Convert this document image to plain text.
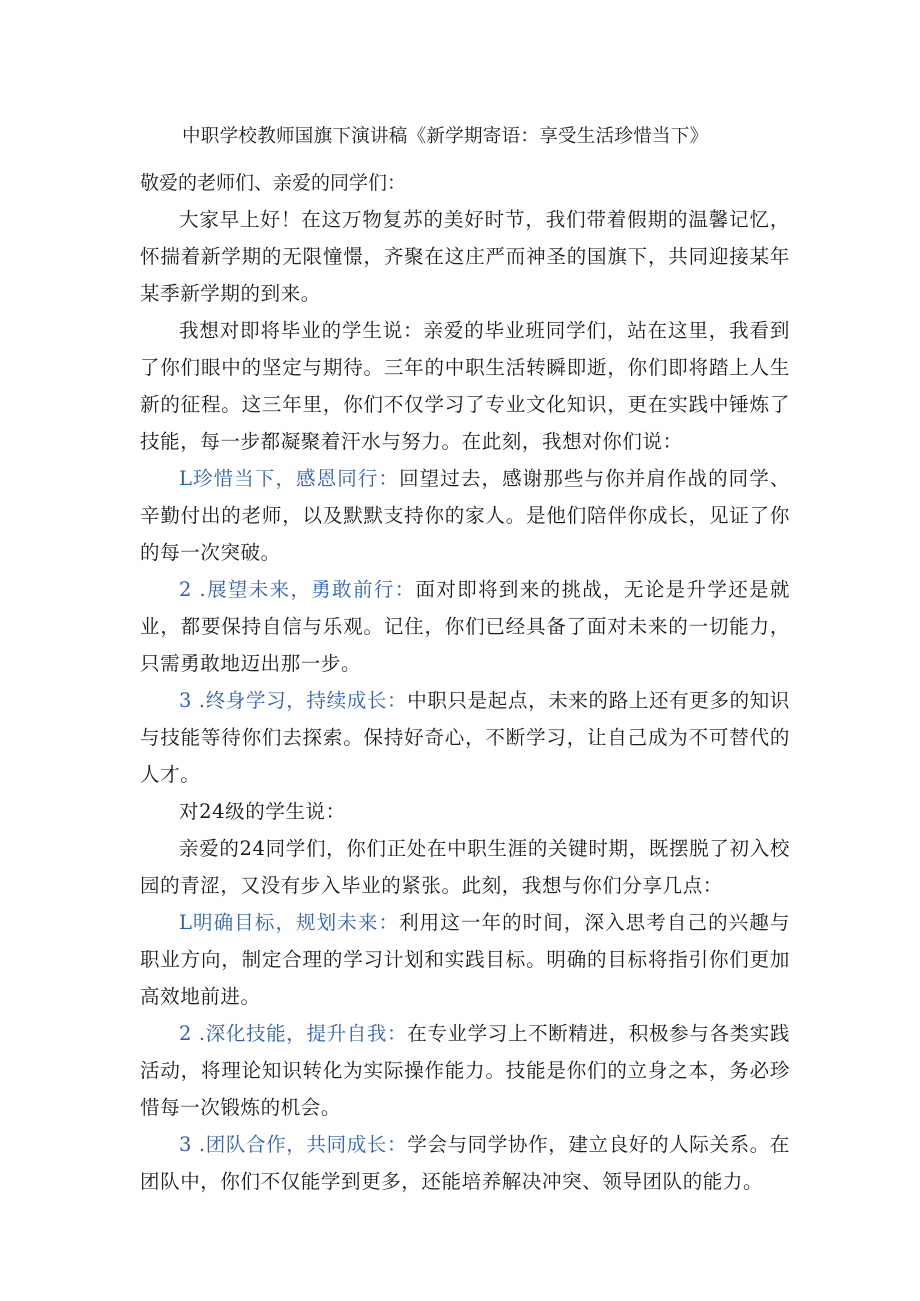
中职学校教师国旗下演讲稿《新学期寄语：享受生活珍惜当下》
敬爱的老师们、亲爱的同学们：

大家早上好！在这万物复苏的美好时节，我们带着假期的温馨记忆，怀揣着新学期的无限憧憬，齐聚在这庄严而神圣的国旗下，共同迎接某年某季新学期的到来。

我想对即将毕业的学生说：亲爱的毕业班同学们，站在这里，我看到了你们眼中的坚定与期待。三年的中职生活转瞬即逝，你们即将踏上人生新的征程。这三年里，你们不仅学习了专业文化知识，更在实践中锤炼了技能，每一步都凝聚着汗水与努力。在此刻，我想对你们说：

L珍惜当下，感恩同行：回望过去，感谢那些与你并肩作战的同学、辛勤付出的老师，以及默默支持你的家人。是他们陪伴你成长，见证了你的每一次突破。

2 .展望未来，勇敢前行：面对即将到来的挑战，无论是升学还是就业，都要保持自信与乐观。记住，你们已经具备了面对未来的一切能力，只需勇敢地迈出那一步。

3 .终身学习，持续成长：中职只是起点，未来的路上还有更多的知识与技能等待你们去探索。保持好奇心，不断学习，让自己成为不可替代的人才。

对24级的学生说：

亲爱的24同学们，你们正处在中职生涯的关键时期，既摆脱了初入校园的青涩，又没有步入毕业的紧张。此刻，我想与你们分享几点：

L明确目标，规划未来：利用这一年的时间，深入思考自己的兴趣与职业方向，制定合理的学习计划和实践目标。明确的目标将指引你们更加高效地前进。

2 .深化技能，提升自我：在专业学习上不断精进，积极参与各类实践活动，将理论知识转化为实际操作能力。技能是你们的立身之本，务必珍惜每一次锻炼的机会。

3 .团队合作，共同成长：学会与同学协作，建立良好的人际关系。在团队中，你们不仅能学到更多，还能培养解决冲突、领导团队的能力。
